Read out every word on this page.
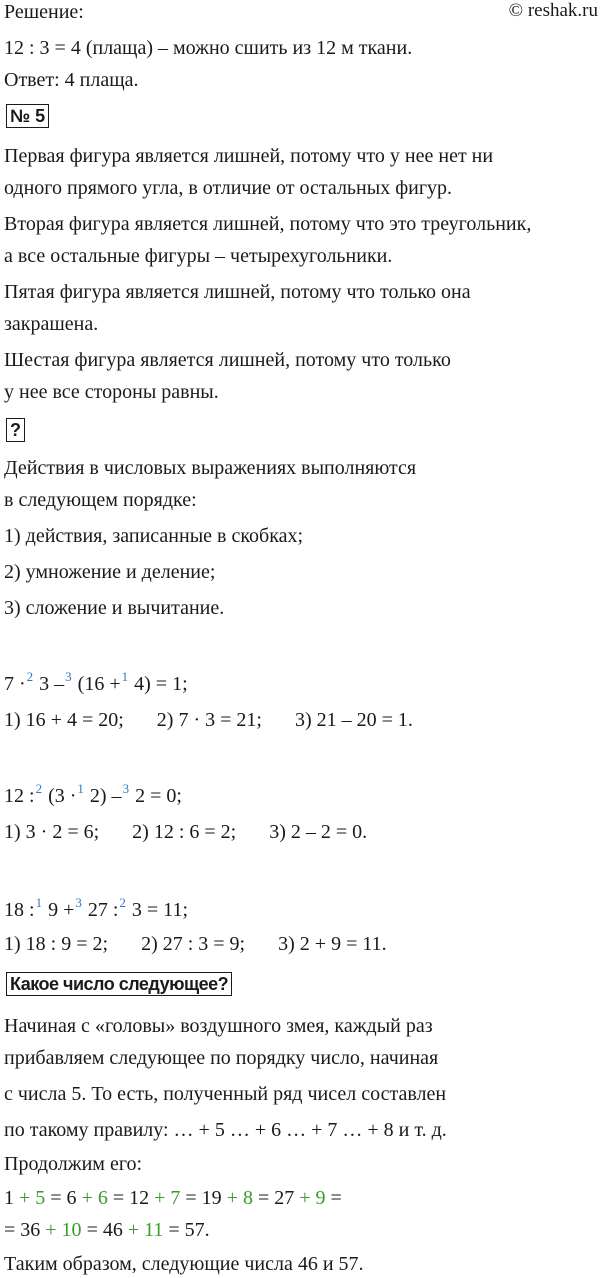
Решение:	© reshak.ru
12 : 3 = 4 (плаща) – можно сшить из 12 м ткани.
Ответ: 4 плаща.
№ 5
Первая фигура является лишней, потому что у нее нет ни
одного прямого угла, в отличие от остальных фигур.
Вторая фигура является лишней, потому что это треугольник,
а все остальные фигуры – четырехугольники.
Пятая фигура является лишней, потому что только она
закрашена.
Шестая фигура является лишней, потому что только
у нее все стороны равны.
?
Действия в числовых выражениях выполняются
в следующем порядке:
1) действия, записанные в скобках;
2) умножение и деление;
3) сложение и вычитание.
7 ·$^2$ 3 –$^3$ (16 +$^1$ 4) = 1;
1) 16 + 4 = 20; 2) 7 · 3 = 21; 3) 21 – 20 = 1.
12 :$^2$ (3 ·$^1$ 2) –$^3$ 2 = 0;
1) 3 · 2 = 6; 2) 12 : 6 = 2; 3) 2 – 2 = 0.
18 :$^1$ 9 +$^3$ 27 :$^2$ 3 = 11;
1) 18 : 9 = 2; 2) 27 : 3 = 9; 3) 2 + 9 = 11.
Какое число следующее?
Начиная с «головы» воздушного змея, каждый раз
прибавляем следующее по порядку число, начиная
с числа 5. То есть, полученный ряд чисел составлен
по такому правилу: … + 5 … + 6 … + 7 … + 8 и т. д.
Продолжим его:
1 + 5 = 6 + 6 = 12 + 7 = 19 + 8 = 27 + 9 =
= 36 + 10 = 46 + 11 = 57.
Таким образом, следующие числа 46 и 57.
